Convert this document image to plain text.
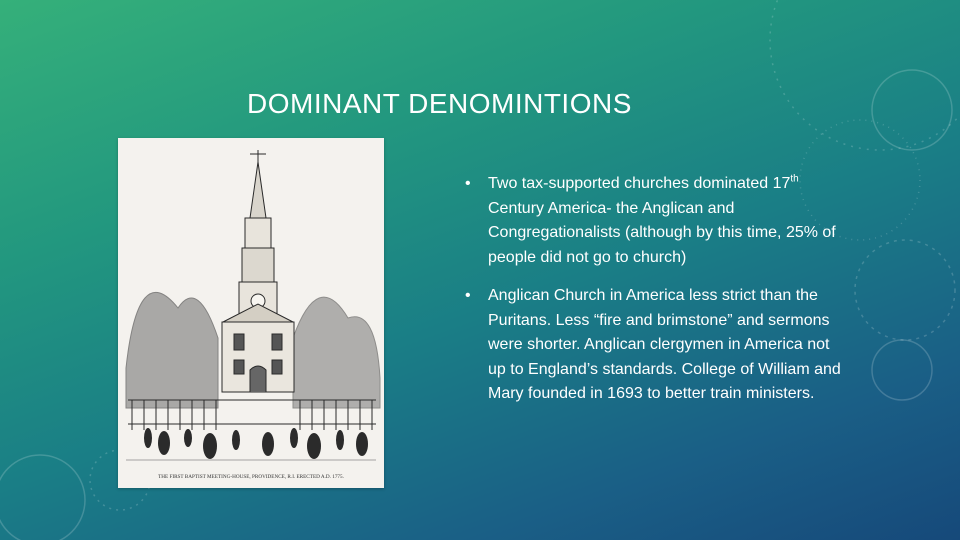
DOMINANT DENOMINTIONS
THE FIRST BAPTIST MEETING-HOUSE, PROVIDENCE, R.I. ERECTED A.D. 1775.
• Two tax-supported churches dominated 17th Century America- the Anglican and Congregationalists (although by this time, 25% of people did not go to church)
• Anglican Church in America less strict than the Puritans. Less “fire and brimstone” and sermons were shorter. Anglican clergymen in America not up to England’s standards. College of William and Mary founded in 1693 to better train ministers.
